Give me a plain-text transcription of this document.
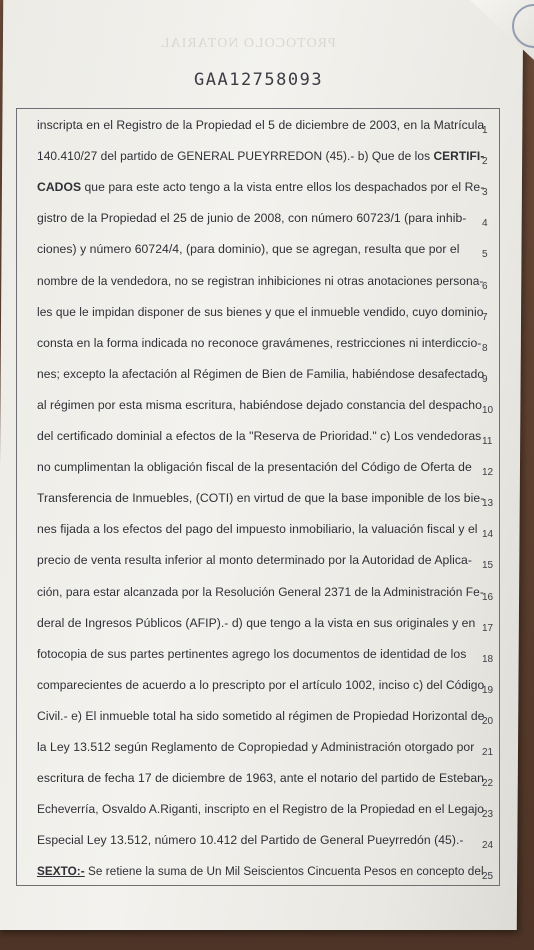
PROTOCOLO NOTARIAL
GAA12758093
inscripta en el Registro de la Propiedad el 5 de diciembre de 2003, en la Matrícula
1
140.410/27 del partido de GENERAL PUEYRREDON (45).- b) Que de los CERTIFI-
2
CADOS que para este acto tengo a la vista entre ellos los despachados por el Re-
3
gistro de la Propiedad el 25 de junio de 2008, con número 60723/1 (para inhib- 4
ciones) y número 60724/4, (para dominio), que se agregan, resulta que por el 5
nombre de la vendedora, no se registran inhibiciones ni otras anotaciones persona-
6
les que le impidan disponer de sus bienes y que el inmueble vendido, cuyo dominio
7
consta en la forma indicada no reconoce gravámenes, restricciones ni interdiccio- 8
nes; excepto la afectación al Régimen de Bien de Familia, habiéndose desafectado
9
al régimen por esta misma escritura, habiéndose dejado constancia del despacho 10
del certificado dominial a efectos de la "Reserva de Prioridad." c) Los vendedoras 11
no cumplimentan la obligación fiscal de la presentación del Código de Oferta de 12
Transferencia de Inmuebles, (COTI) en virtud de que la base imponible de los bie-
13
nes fijada a los efectos del pago del impuesto inmobiliario, la valuación fiscal y el 14
precio de venta resulta inferior al monto determinado por la Autoridad de Aplica- 15
ción, para estar alcanzada por la Resolución General 2371 de la Administración Fe-
16
deral de Ingresos Públicos (AFIP).- d) que tengo a la vista en sus originales y en 17
fotocopia de sus partes pertinentes agrego los documentos de identidad de los 18
comparecientes de acuerdo a lo prescripto por el artículo 1002, inciso c) del Código
19
Civil.- e) El inmueble total ha sido sometido al régimen de Propiedad Horizontal de
20
la Ley 13.512 según Reglamento de Copropiedad y Administración otorgado por 21
escritura de fecha 17 de diciembre de 1963, ante el notario del partido de Esteban
22
Echeverría, Osvaldo A.Riganti, inscripto en el Registro de la Propiedad en el Legajo
23
Especial Ley 13.512, número 10.412 del Partido de General Pueyrredón (45).- 24
SEXTO:- Se retiene la suma de Un Mil Seiscientos Cincuenta Pesos en concepto del
25
